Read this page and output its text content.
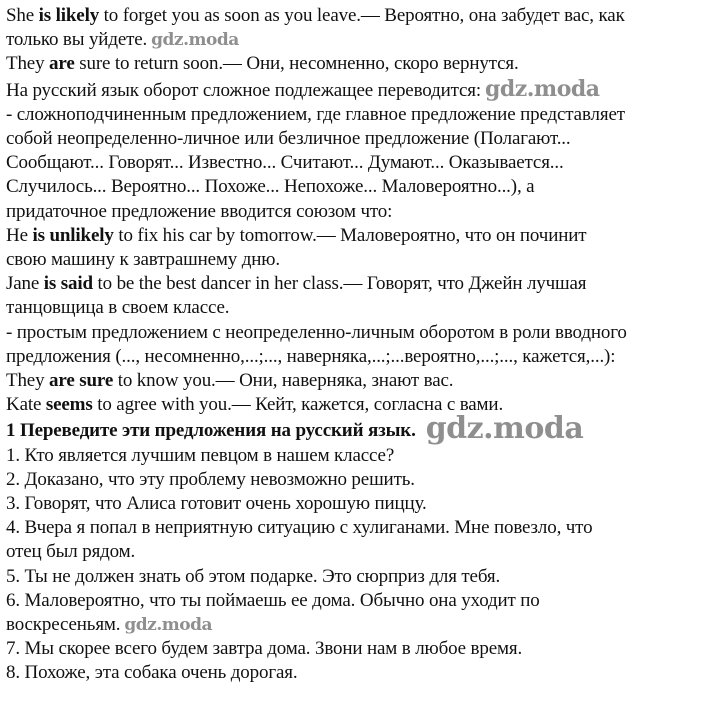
She is likely to forget you as soon as you leave.— Вероятно, она забудет вас, как
только вы уйдете. gdz.moda
They are sure to return soon.— Они, несомненно, скоро вернутся.
На русский язык оборот сложное подлежащее переводится: gdz.moda
- сложноподчиненным предложением, где главное предложение представляет
собой неопределенно-личное или безличное предложение (Полагают...
Сообщают... Говорят... Известно... Считают... Думают... Оказывается...
Случилось... Вероятно... Похоже... Непохоже... Маловероятно...), а
придаточное предложение вводится союзом что:
He is unlikely to fix his car by tomorrow.— Маловероятно, что он починит
свою машину к завтрашнему дню.
Jane is said to be the best dancer in her class.— Говорят, что Джейн лучшая
танцовщица в своем классе.
- простым предложением с неопределенно-личным оборотом в роли вводного
предложения (..., несомненно,...;..., наверняка,...;...вероятно,...;..., кажется,...):
They are sure to know you.— Они, наверняка, знают вас.
Kate seems to agree with you.— Кейт, кажется, согласна с вами.
1 Переведите эти предложения на русский язык. gdz.moda
1. Кто является лучшим певцом в нашем классе?
2. Доказано, что эту проблему невозможно решить.
3. Говорят, что Алиса готовит очень хорошую пиццу.
4. Вчера я попал в неприятную ситуацию с хулиганами. Мне повезло, что
отец был рядом.
5. Ты не должен знать об этом подарке. Это сюрприз для тебя.
6. Маловероятно, что ты поймаешь ее дома. Обычно она уходит по
воскресеньям. gdz.moda
7. Мы скорее всего будем завтра дома. Звони нам в любое время.
8. Похоже, эта собака очень дорогая.
